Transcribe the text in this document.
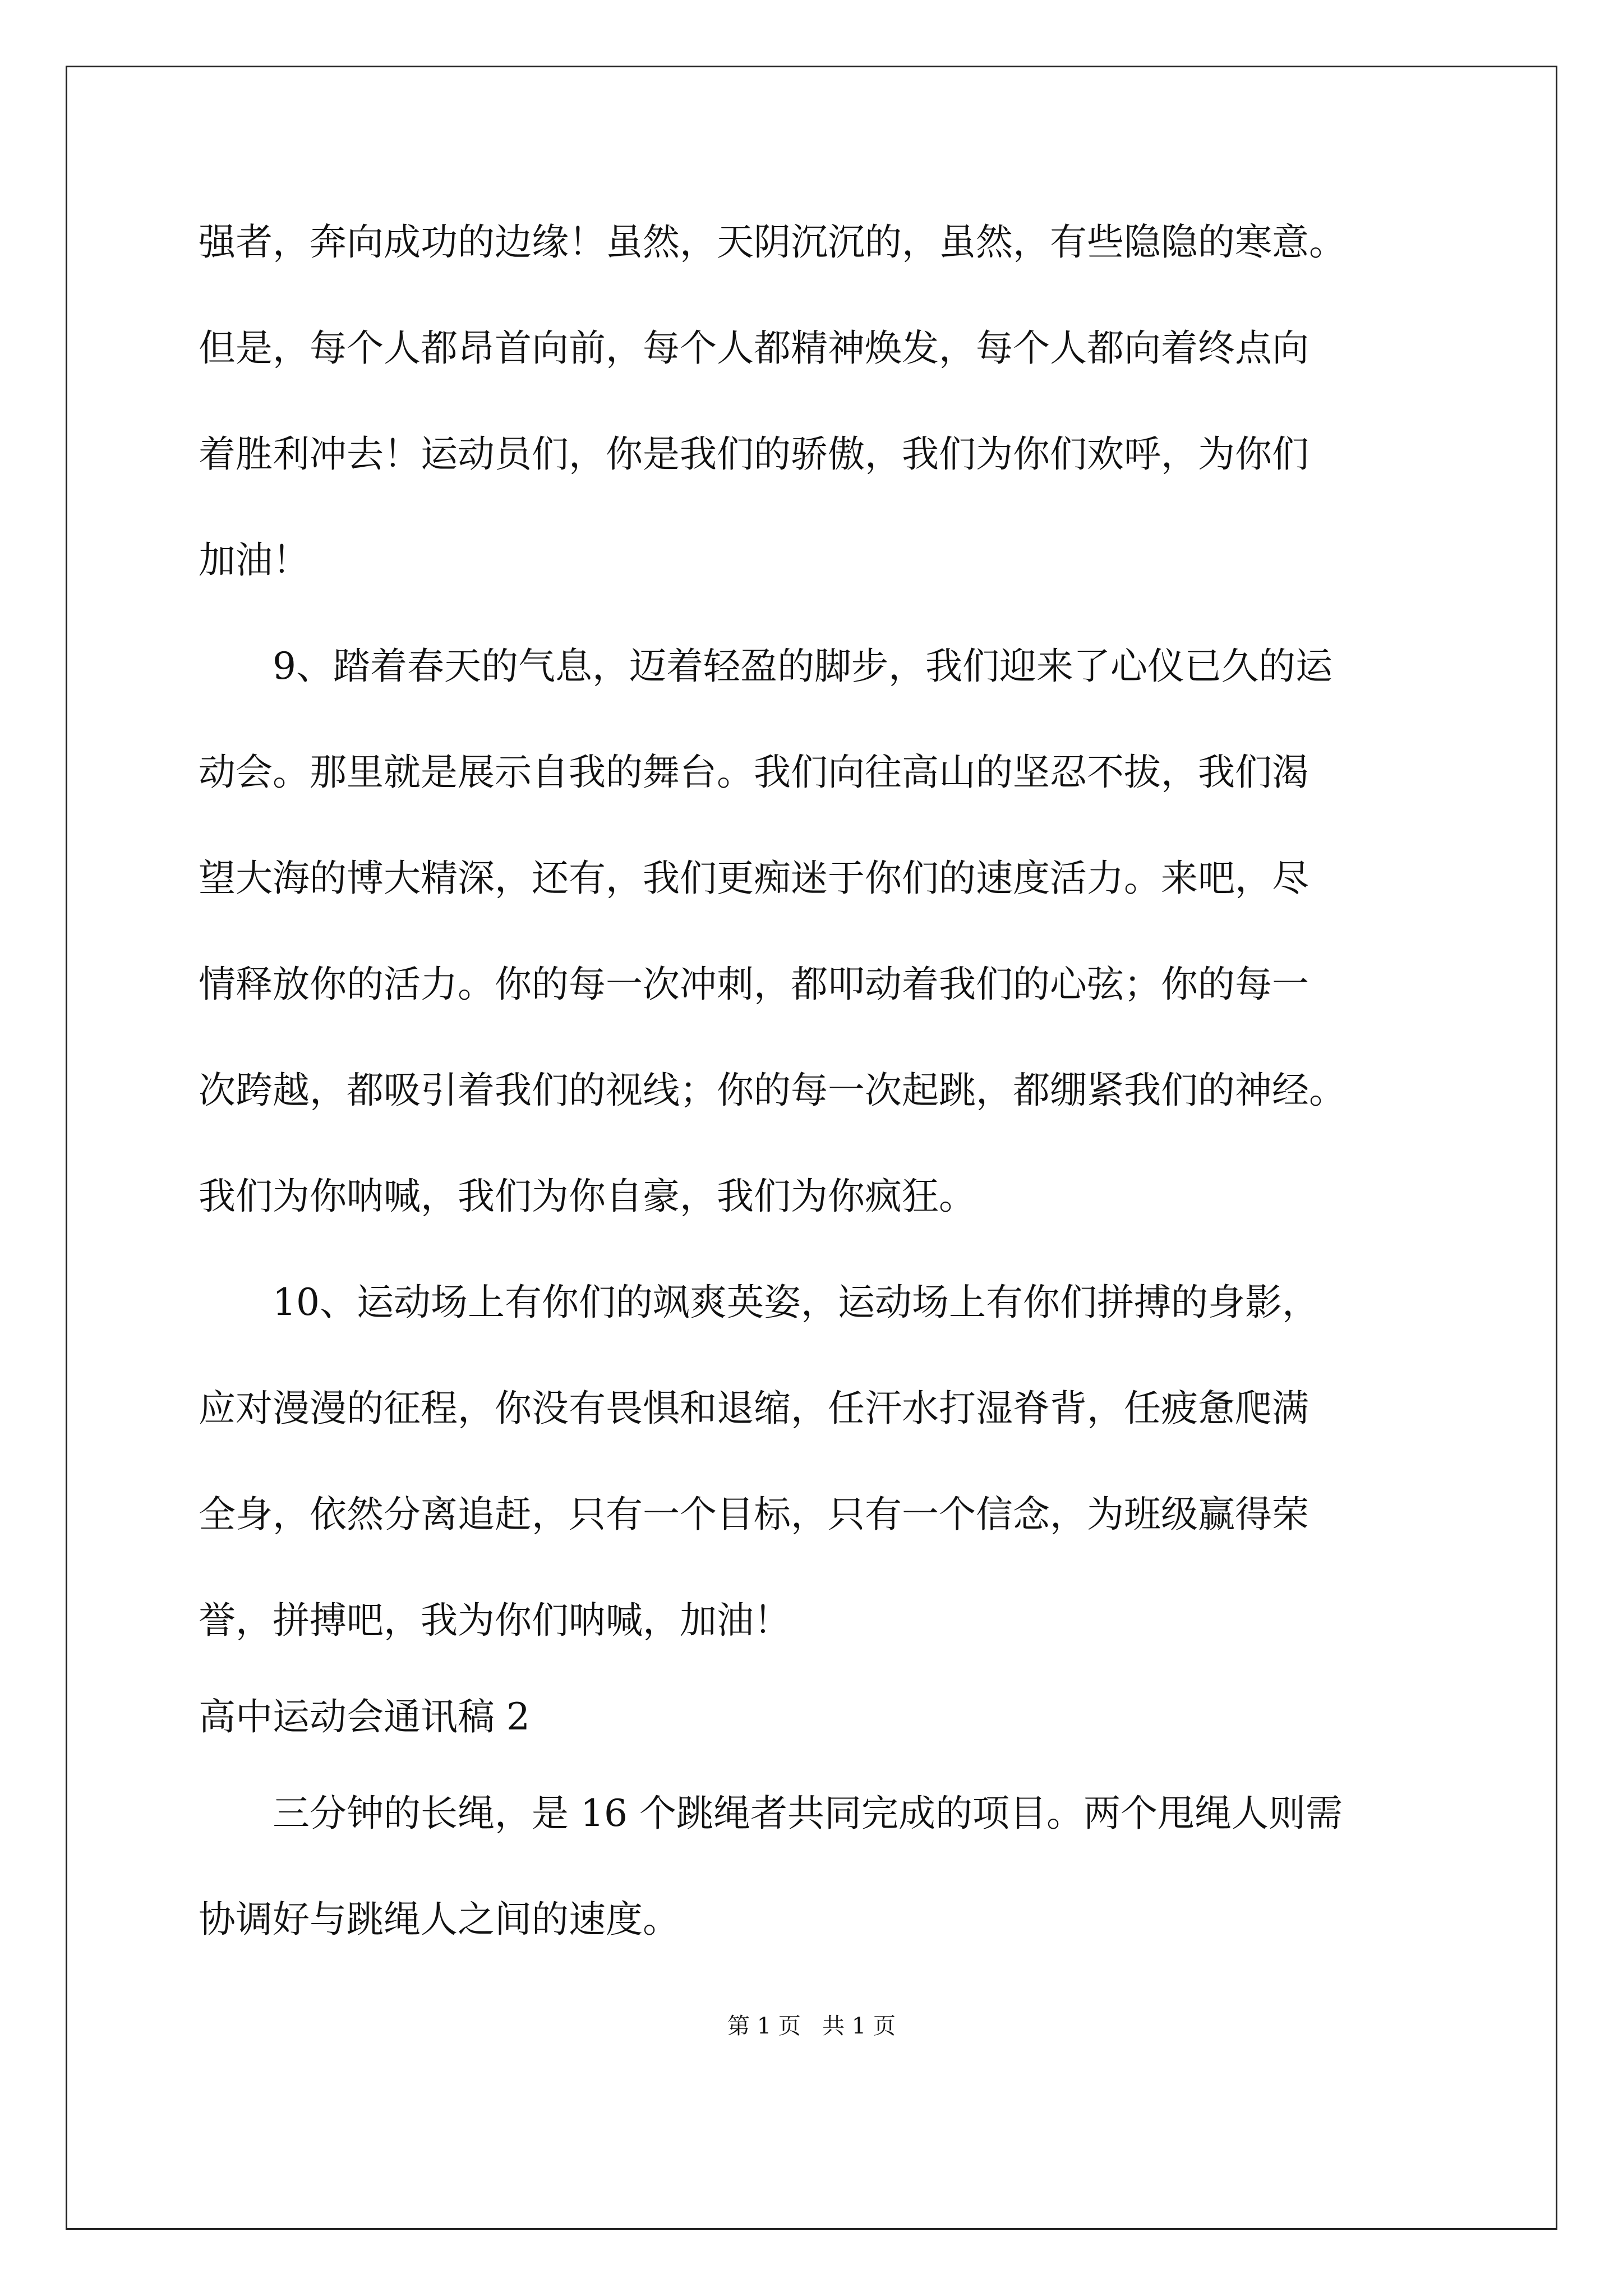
强者，奔向成功的边缘！虽然，天阴沉沉的，虽然，有些隐隐的寒意。
但是，每个人都昂首向前，每个人都精神焕发，每个人都向着终点向
着胜利冲去！运动员们，你是我们的骄傲，我们为你们欢呼，为你们
加油！
9、踏着春天的气息，迈着轻盈的脚步，我们迎来了心仪已久的运
动会。那里就是展示自我的舞台。我们向往高山的坚忍不拔，我们渴
望大海的博大精深，还有，我们更痴迷于你们的速度活力。来吧，尽
情释放你的活力。你的每一次冲刺，都叩动着我们的心弦；你的每一
次跨越，都吸引着我们的视线；你的每一次起跳，都绷紧我们的神经。
我们为你呐喊，我们为你自豪，我们为你疯狂。
10、运动场上有你们的飒爽英姿，运动场上有你们拼搏的身影，
应对漫漫的征程，你没有畏惧和退缩，任汗水打湿脊背，任疲惫爬满
全身，依然分离追赶，只有一个目标，只有一个信念，为班级赢得荣
誉，拼搏吧，我为你们呐喊，加油！
高中运动会通讯稿 2
三分钟的长绳，是 16 个跳绳者共同完成的项目。两个甩绳人则需
协调好与跳绳人之间的速度。
第 1 页   共 1 页
